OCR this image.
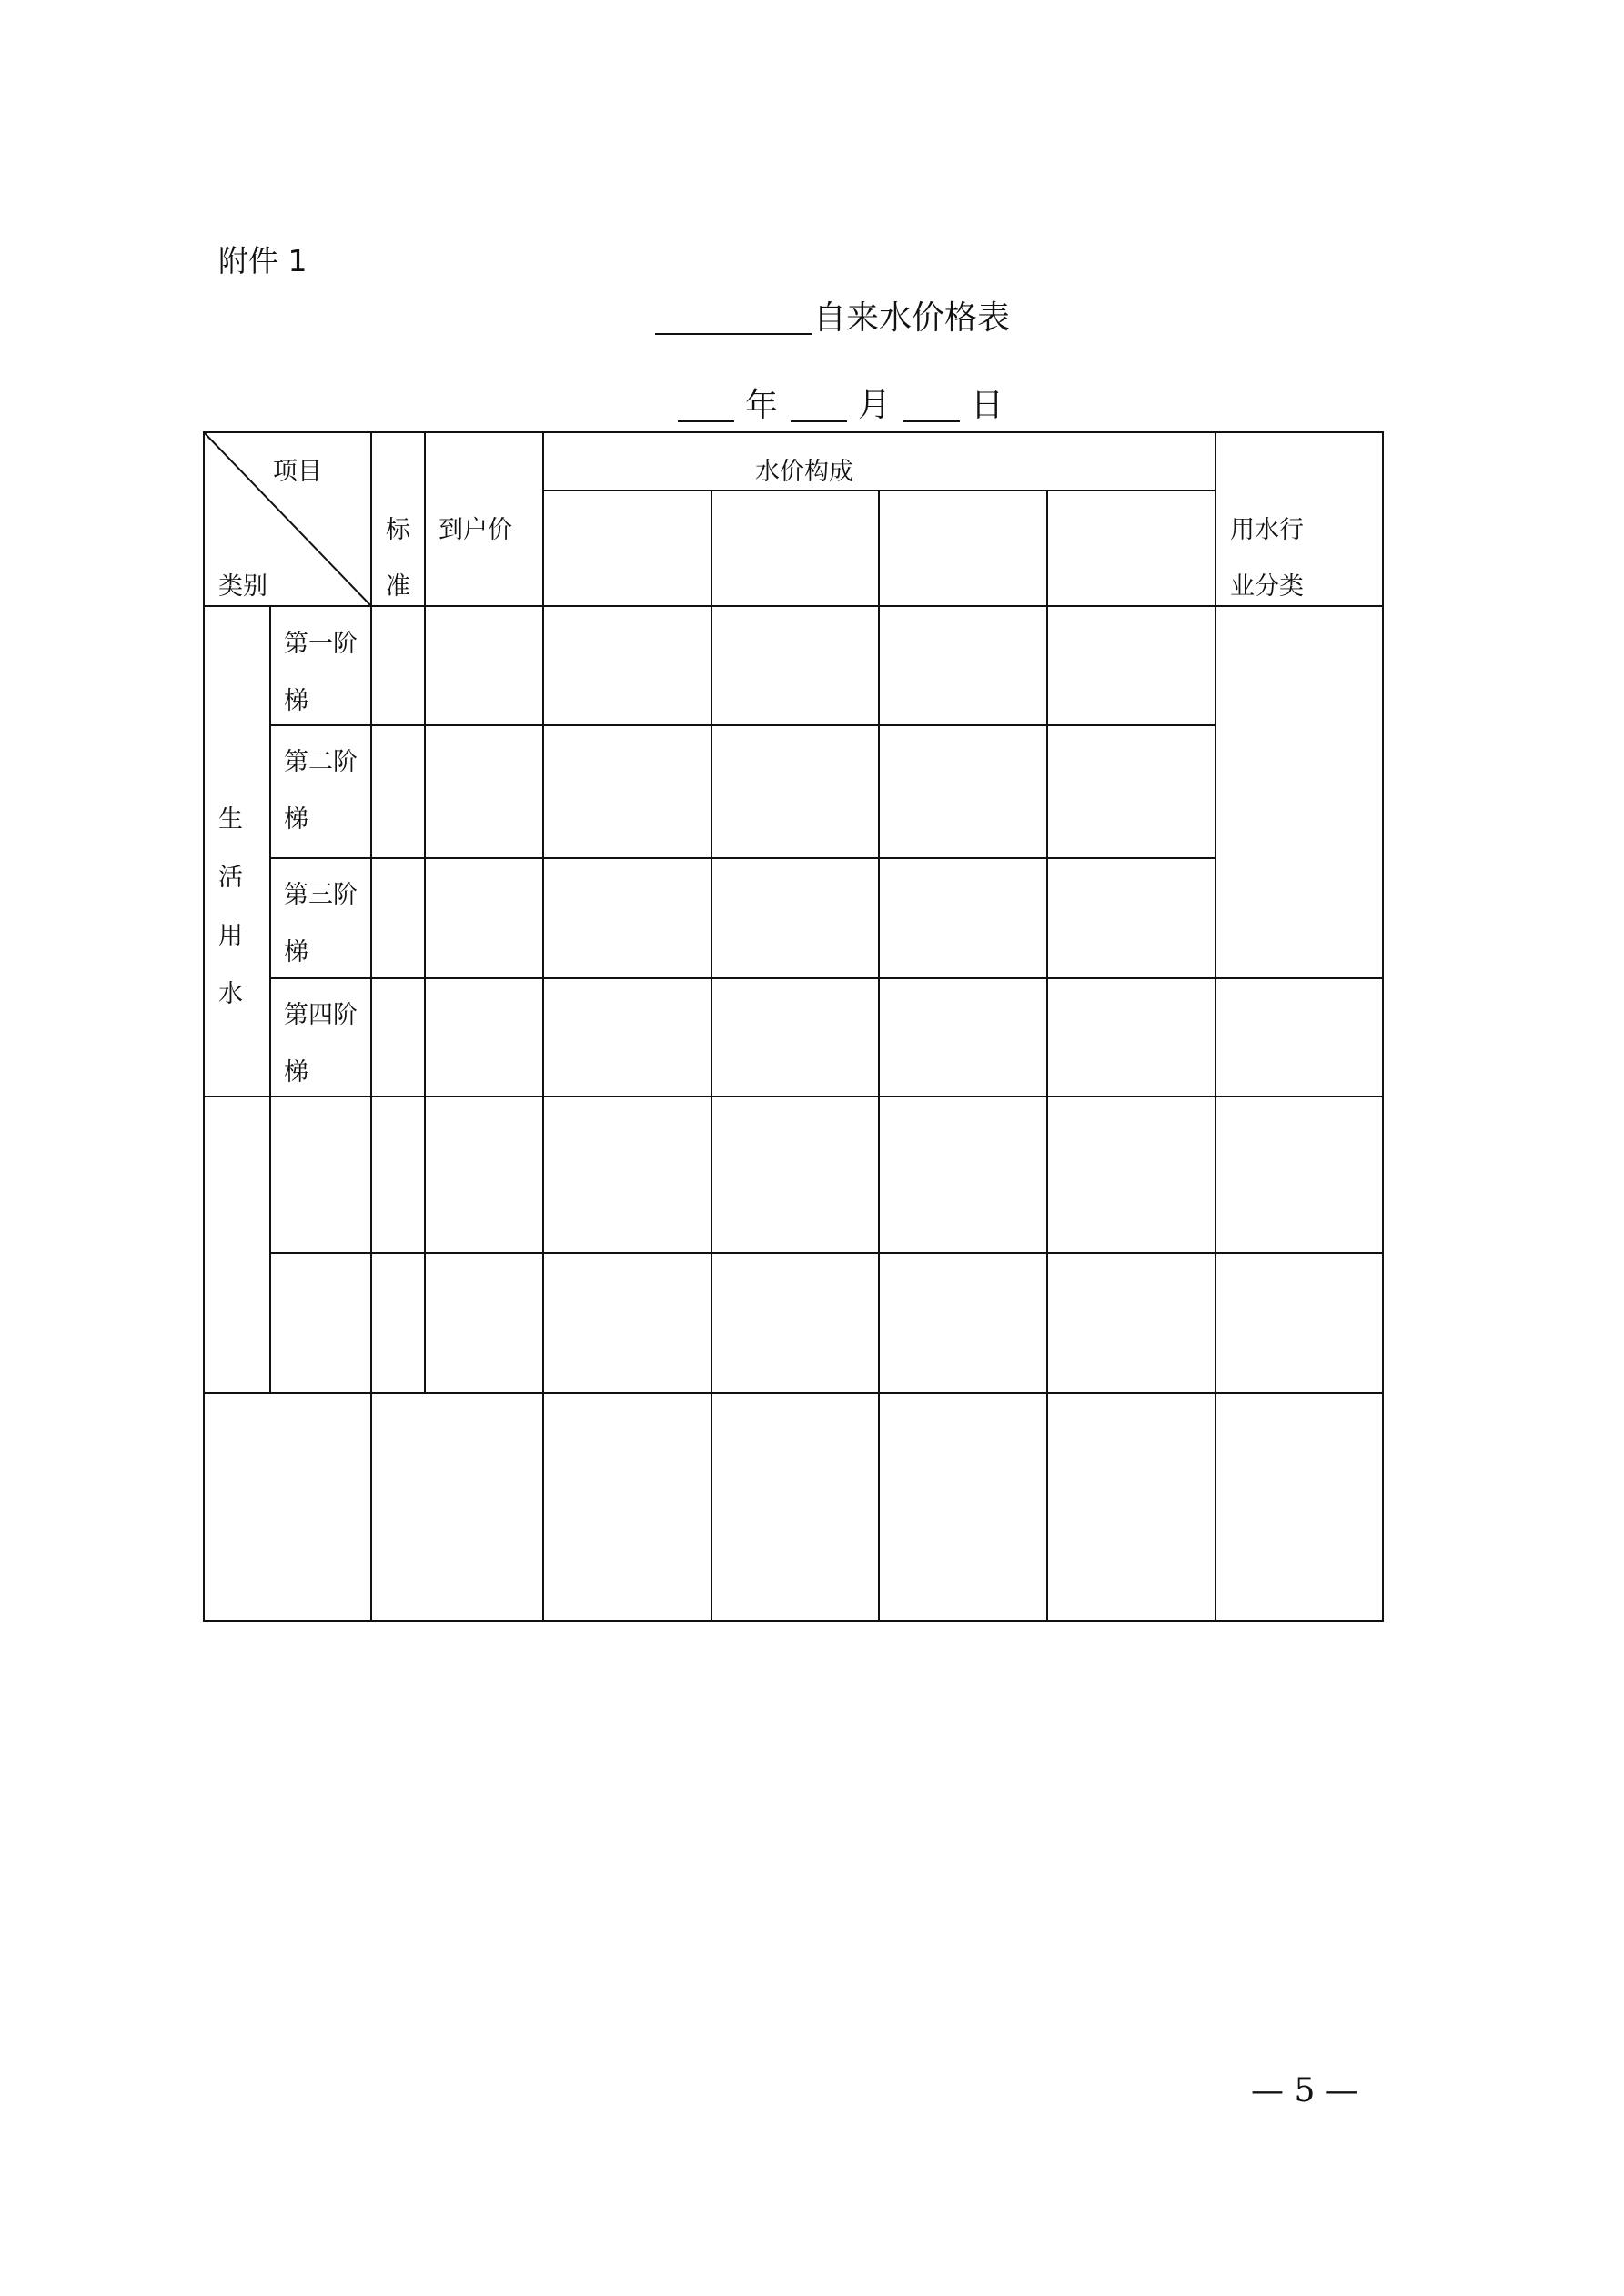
附件 1
自来水价格表
年 月 日
项目
类别
标
准
到户价
水价构成
用水行
业分类
生
活
用
水
第一阶
梯
第二阶
梯
第三阶
梯
第四阶
梯
— 5 —
